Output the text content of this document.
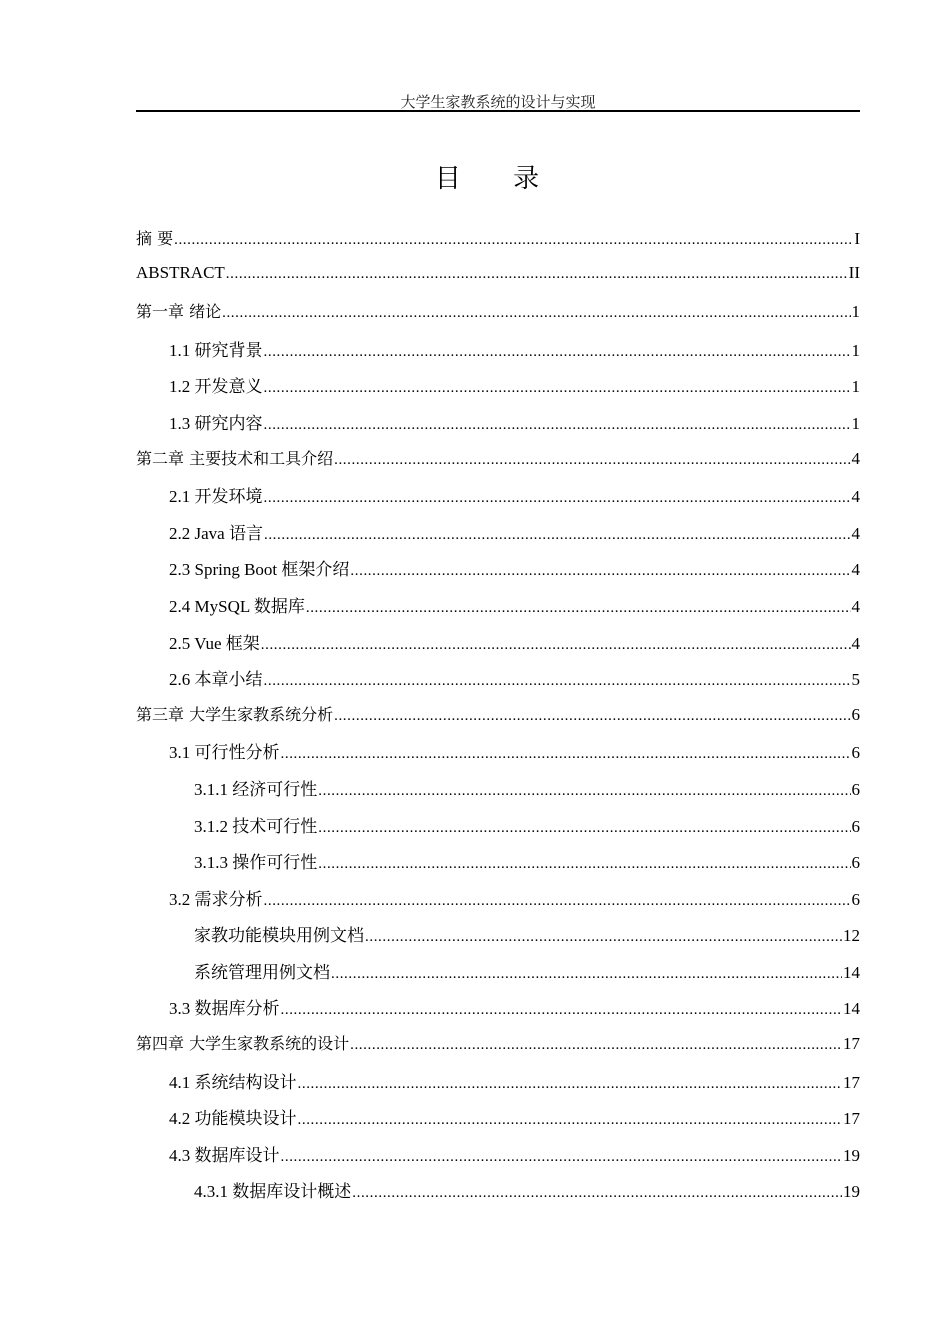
大学生家教系统的设计与实现
目 录
摘 要 .....	I
ABSTRACT .....	II
第一章 绪论 .....	1
1.1 研究背景 .....	1
1.2 开发意义 .....	1
1.3 研究内容 .....	1
第二章 主要技术和工具介绍 .....	4
2.1 开发环境 .....	4
2.2 Java 语言 .....	4
2.3 Spring Boot 框架介绍 .....	4
2.4 MySQL 数据库 .....	4
2.5 Vue 框架 .....	4
2.6 本章小结 .....	5
第三章 大学生家教系统分析 .....	6
3.1 可行性分析 .....	6
3.1.1 经济可行性 .....	6
3.1.2 技术可行性 .....	6
3.1.3 操作可行性 .....	6
3.2 需求分析 .....	6
家教功能模块用例文档 .....	12
系统管理用例文档 .....	14
3.3 数据库分析 .....	14
第四章 大学生家教系统的设计 .....	17
4.1 系统结构设计 .....	17
4.2 功能模块设计 .....	17
4.3 数据库设计 .....	19
4.3.1 数据库设计概述 .....	19
